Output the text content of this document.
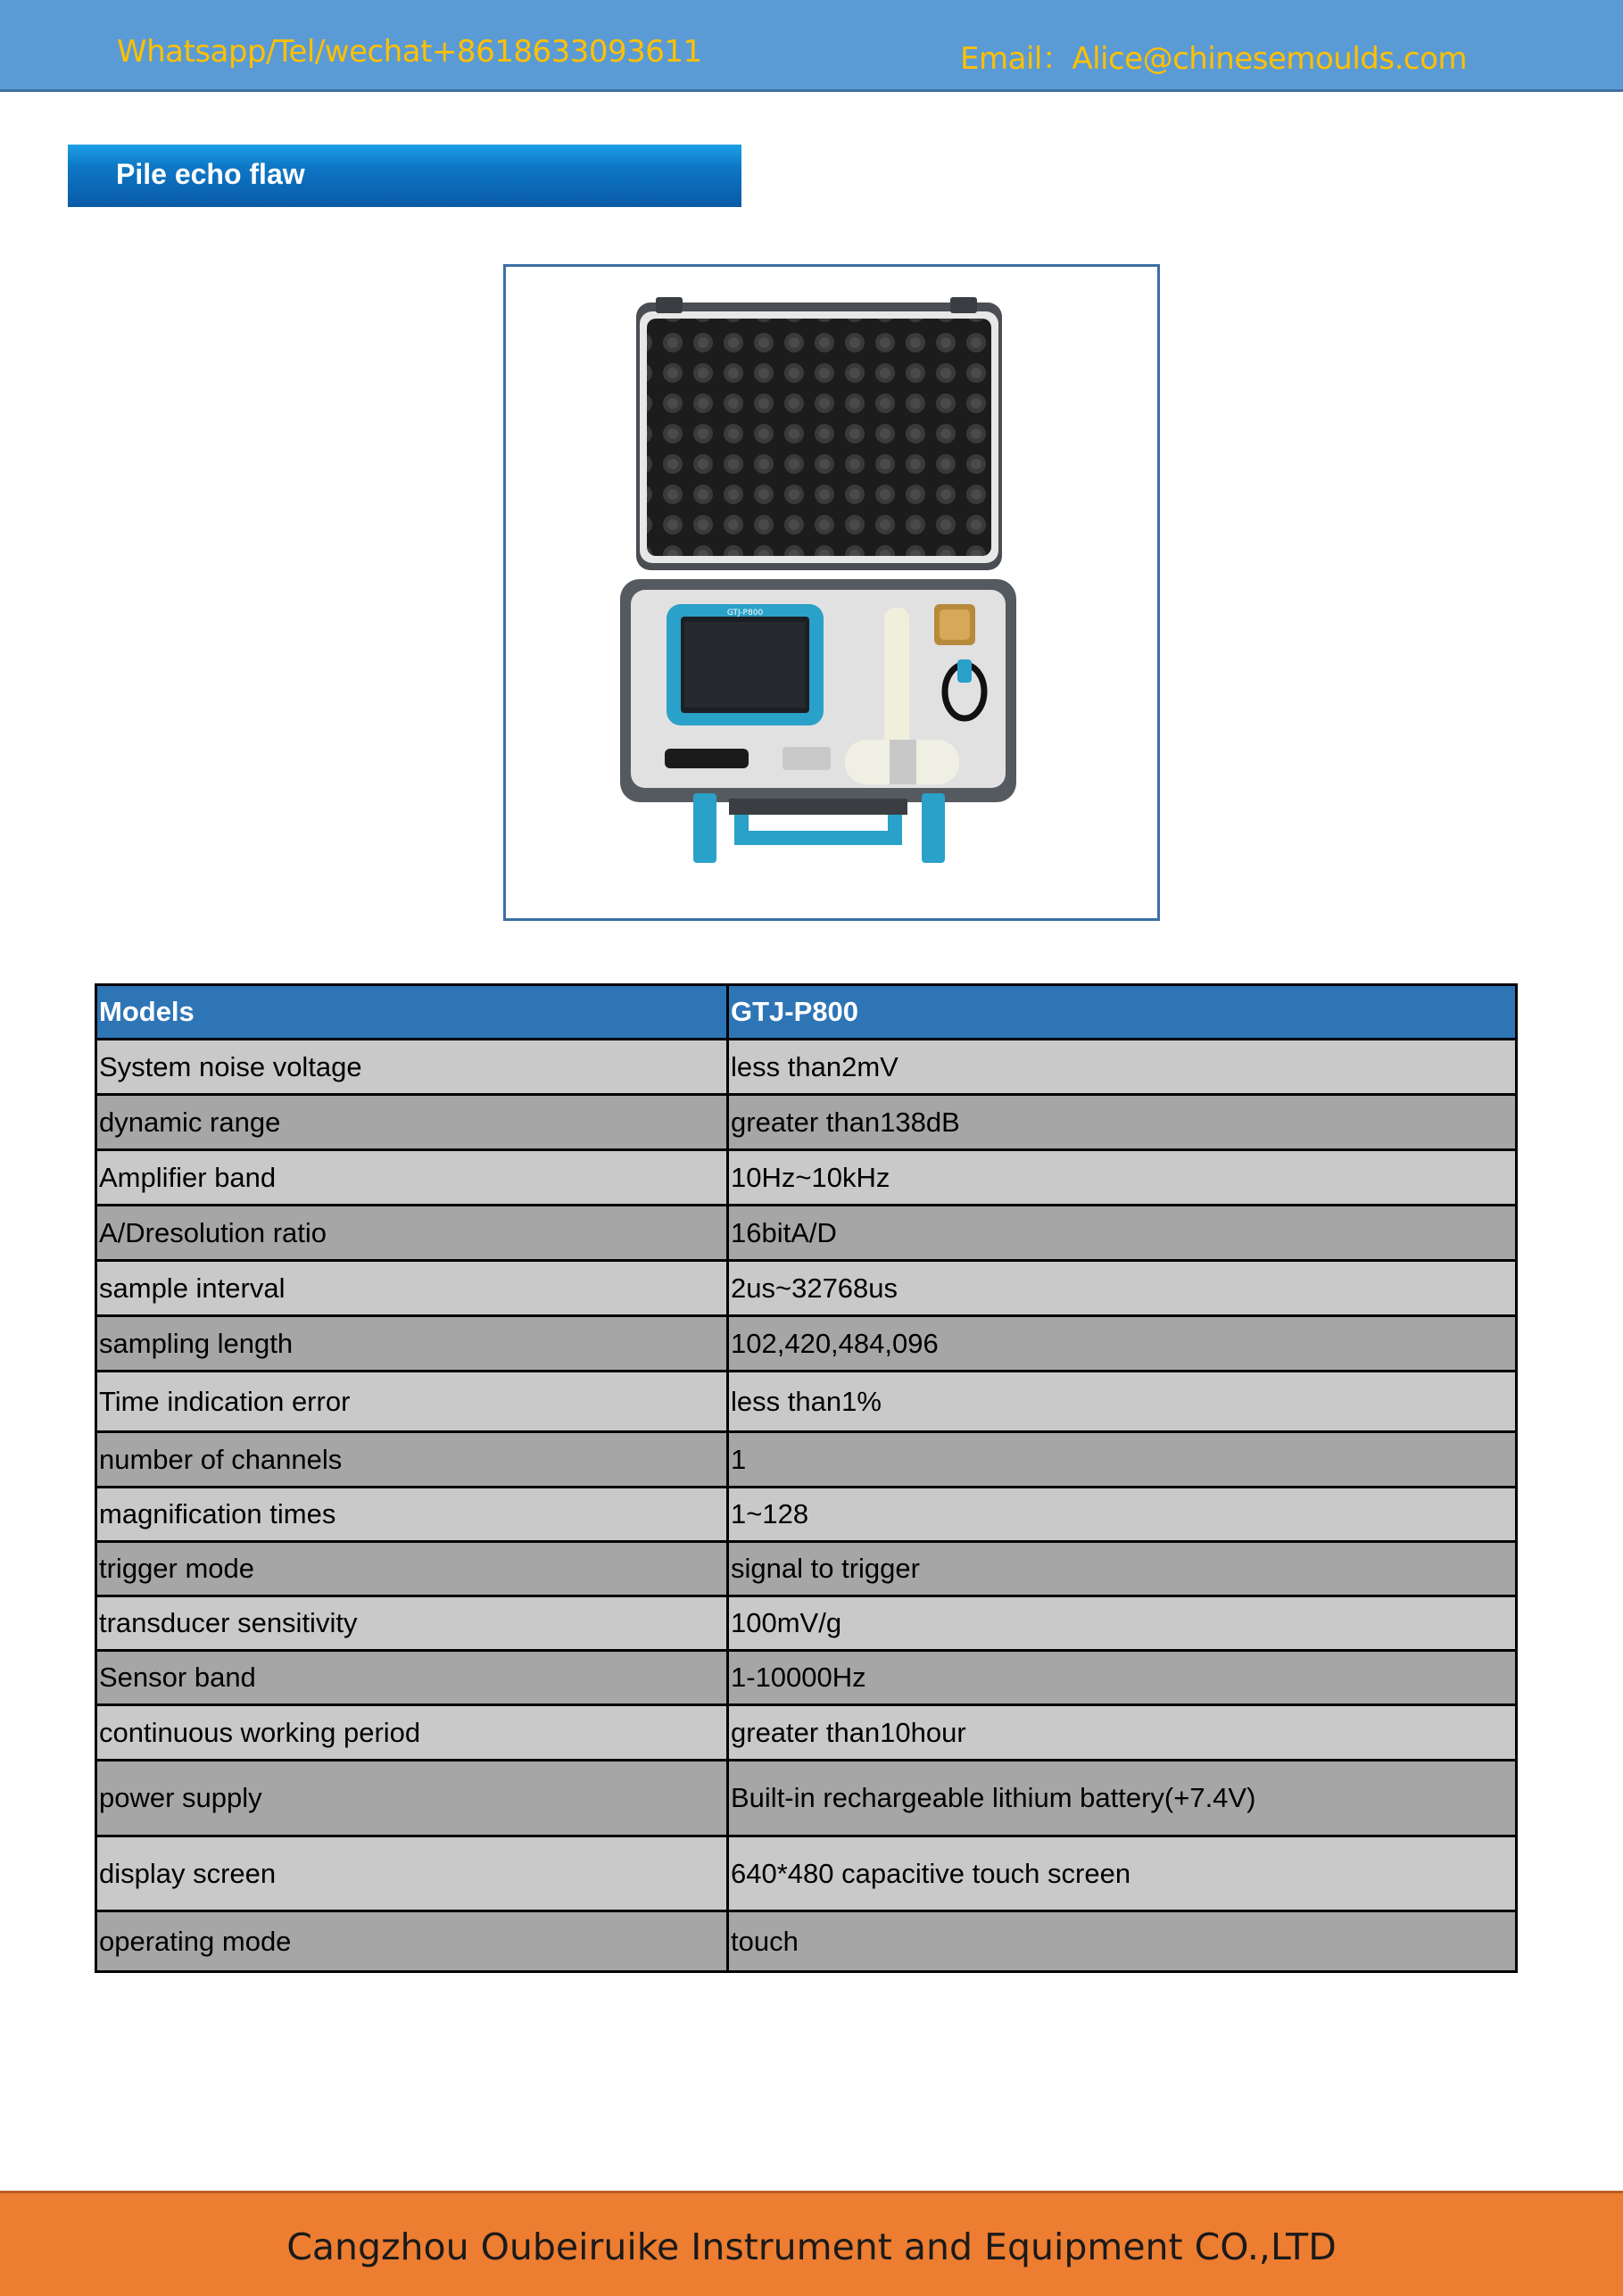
Whatsapp/Tel/wechat+8618633093611	Email：Alice@chinesemoulds.com
Pile echo flaw
GTJ-P800
Models	GTJ-P800
System noise voltage	less than2mV
dynamic range	greater than138dB
Amplifier band	10Hz~10kHz
A/Dresolution ratio	16bitA/D
sample interval	2us~32768us
sampling length	102,420,484,096
Time indication error	less than1%
number of channels	1
magnification times	1~128
trigger mode	signal to trigger
transducer sensitivity	100mV/g
Sensor band	1-10000Hz
continuous working period	greater than10hour
power supply	Built-in rechargeable lithium battery(+7.4V)
display screen	640*480 capacitive touch screen
operating mode	touch
Cangzhou Oubeiruike Instrument and Equipment CO.,LTD
